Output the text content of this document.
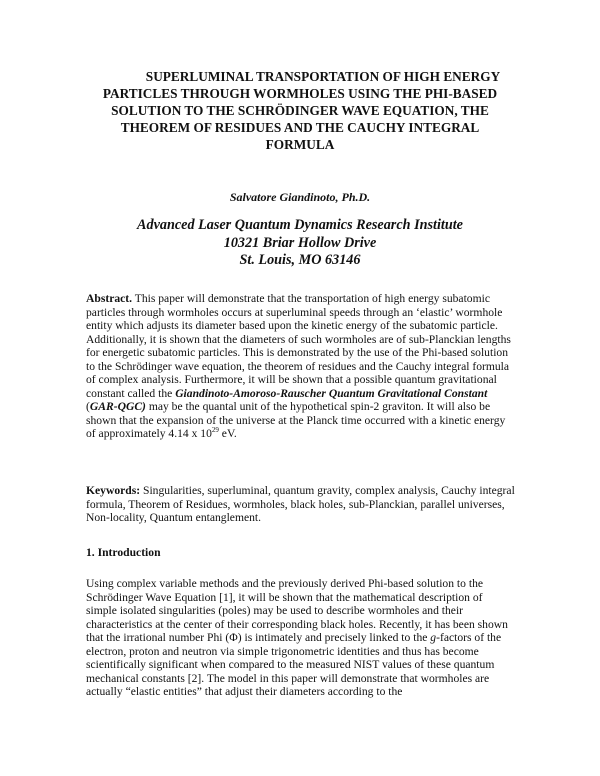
SUPERLUMINAL TRANSPORTATION OF HIGH ENERGY PARTICLES THROUGH WORMHOLES USING THE PHI-BASED SOLUTION TO THE SCHRÖDINGER WAVE EQUATION, THE THEOREM OF RESIDUES AND THE CAUCHY INTEGRAL FORMULA
Salvatore Giandinoto, Ph.D.
Advanced Laser Quantum Dynamics Research Institute
10321 Briar Hollow Drive
St. Louis, MO 63146

Abstract. This paper will demonstrate that the transportation of high energy subatomic particles through wormholes occurs at superluminal speeds through an ‘elastic’ wormhole entity which adjusts its diameter based upon the kinetic energy of the subatomic particle. Additionally, it is shown that the diameters of such wormholes are of sub-Planckian lengths for energetic subatomic particles. This is demonstrated by the use of the Phi-based solution to the Schrödinger wave equation, the theorem of residues and the Cauchy integral formula of complex analysis. Furthermore, it will be shown that a possible quantum gravitational constant called the Giandinoto-Amoroso-Rauscher Quantum Gravitational Constant (GAR-QGC) may be the quantal unit of the hypothetical spin-2 graviton. It will also be shown that the expansion of the universe at the Planck time occurred with a kinetic energy of approximately 4.14 x $10^{29}$ eV.

Keywords: Singularities, superluminal, quantum gravity, complex analysis, Cauchy integral formula, Theorem of Residues, wormholes, black holes, sub-Planckian, parallel universes, Non-locality, Quantum entanglement.

1. Introduction

Using complex variable methods and the previously derived Phi-based solution to the Schrödinger Wave Equation [1], it will be shown that the mathematical description of simple isolated singularities (poles) may be used to describe wormholes and their characteristics at the center of their corresponding black holes. Recently, it has been shown that the irrational number Phi (Φ) is intimately and precisely linked to the g-factors of the electron, proton and neutron via simple trigonometric identities and thus has become scientifically significant when compared to the measured NIST values of these quantum mechanical constants [2]. The model in this paper will demonstrate that wormholes are actually “elastic entities” that adjust their diameters according to the
